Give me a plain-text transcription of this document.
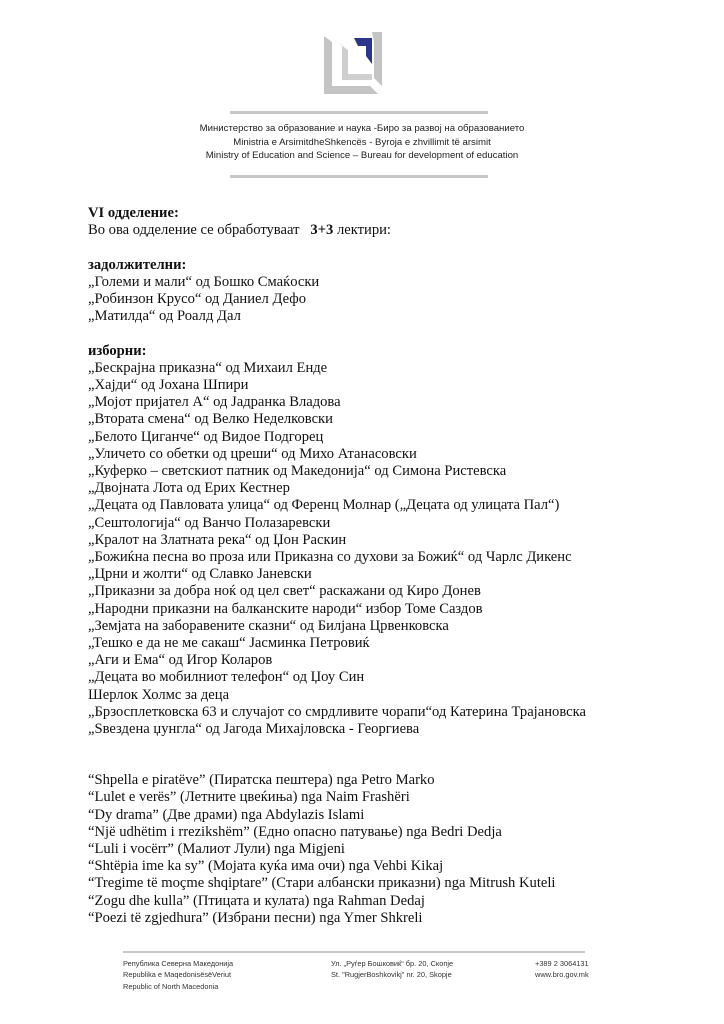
Министерство за образование и наука -Биро за развој на образованието
Ministria e ArsimitdheShkencës - Byroja e zhvillimit të arsimit
Ministry of Education and Science – Bureau for development of education
VI одделение:
Во ова одделение се обработуваат 3+3 лектири:
задолжителни:
„Големи и мали“ од Бошко Смаќоски
„Робинзон Крусо“ од Даниел Дефо
„Матилда“ од Роалд Дал
изборни:
„Бескрајна приказна“ од Михаил Енде
„Хајди“ од Јохана Шпири
„Мојот пријател А“ од Јадранка Владова
„Втората смена“ од Велко Неделковски
„Белото Циганче“ од Видое Подгорец
„Уличето со обетки од цреши“ од Михо Атанасовски
„Куферко – светскиот патник од Македонија“ од Симона Ристевска
„Двојната Лота од Ерих Кестнер
„Децата од Павловата улица“ од Ференц Молнар („Децата од улицата Пал“)
„Сештологија“ од Ванчо Полазаревски
„Кралот на Златната река“ од Џон Раскин
„Божиќна песна во проза или Приказна со духови за Божиќ“ од Чарлс Дикенс
„Црни и жолти“ од Славко Јаневски
„Приказни за добра ноќ од цел свет“ раскажани од Киро Донев
„Народни приказни на балканските народи“ избор Томе Саздов
„Земјата на заборавените сказни“ од Билјана Црвенковска
„Тешко е да не ме сакаш“ Јасминка Петровиќ
„Аги и Ема“ од Игор Коларов
„Децата во мобилниот телефон“ од Џоу Син
Шерлок Холмс за деца
„Брзосплетковска 63 и случајот со смрдливите чорапи“од Катерина Трајановска
„Ѕвездена џунгла“ од Јагода Михајловска - Георгиева
“Shpella e piratëve” (Пиратска пештера) nga Petro Marko
“Lulet e verës” (Летните цвеќиња) nga Naim Frashëri
“Dy drama” (Две драми) nga Abdylazis Islami
“Një udhëtim i rrezikshëm” (Едно опасно патување) nga Bedri Dedja
“Luli i vocërr” (Малиот Лули) nga Migjeni
“Shtëpia ime ka sy” (Мојата куќа има очи) nga Vehbi Kikaj
“Tregime të moçme shqiptare” (Стари албански приказни) nga Mitrush Kuteli
“Zogu dhe kulla” (Птицата и кулата) nga Rahman Dedaj
“Poezi të zgjedhura” (Избрани песни) nga Ymer Shkreli
Република Северна Македонија
Republika e MaqedonisësëVeriut
Republic of North Macedonia
Ул. „Руѓер Бошковиќ“ бр. 20, Скопје
St. "RugjerBoshkovikj" nr. 20, Skopje
+389 2 3064131
www.bro.gov.mk
